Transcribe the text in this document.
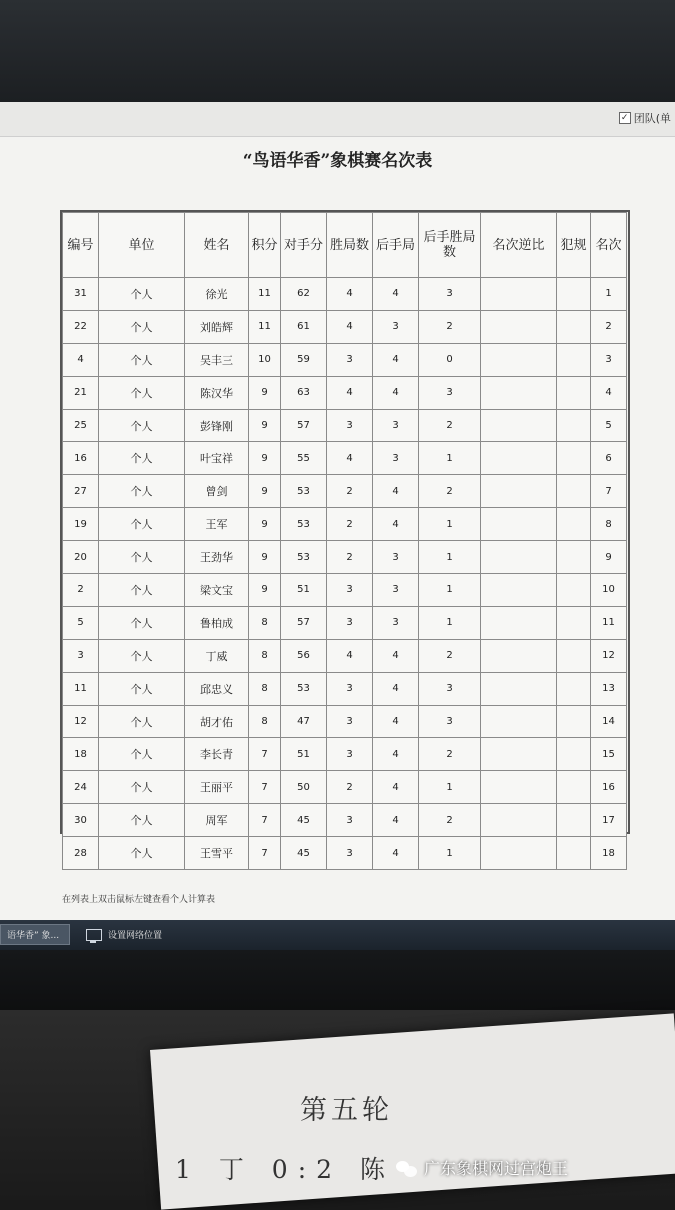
✓ 团队(单
“鸟语华香”象棋赛名次表
编号	单位	姓名	积分	对手分	胜局数	后手局	后手胜局数	名次逆比	犯规	名次
31	个人	徐光	11	62	4	4	3			1
22	个人	刘皓辉	11	61	4	3	2			2
4	个人	吴丰三	10	59	3	4	0			3
21	个人	陈汉华	9	63	4	4	3			4
25	个人	彭锋刚	9	57	3	3	2			5
16	个人	叶宝祥	9	55	4	3	1			6
27	个人	曾剑	9	53	2	4	2			7
19	个人	王军	9	53	2	4	1			8
20	个人	王劲华	9	53	2	3	1			9
2	个人	梁文宝	9	51	3	3	1			10
5	个人	鲁柏成	8	57	3	3	1			11
3	个人	丁威	8	56	4	4	2			12
11	个人	邱忠义	8	53	3	4	3			13
12	个人	胡才佑	8	47	3	4	3			14
18	个人	李长青	7	51	3	4	2			15
24	个人	王丽平	7	50	2	4	1			16
30	个人	周军	7	45	3	4	2			17
28	个人	王雪平	7	45	3	4	1			18
在列表上双击鼠标左键查看个人计算表
语华香” 象...	设置网络位置
第五轮
1 丁 0:2 陈 广东象棋网过宫炮王
